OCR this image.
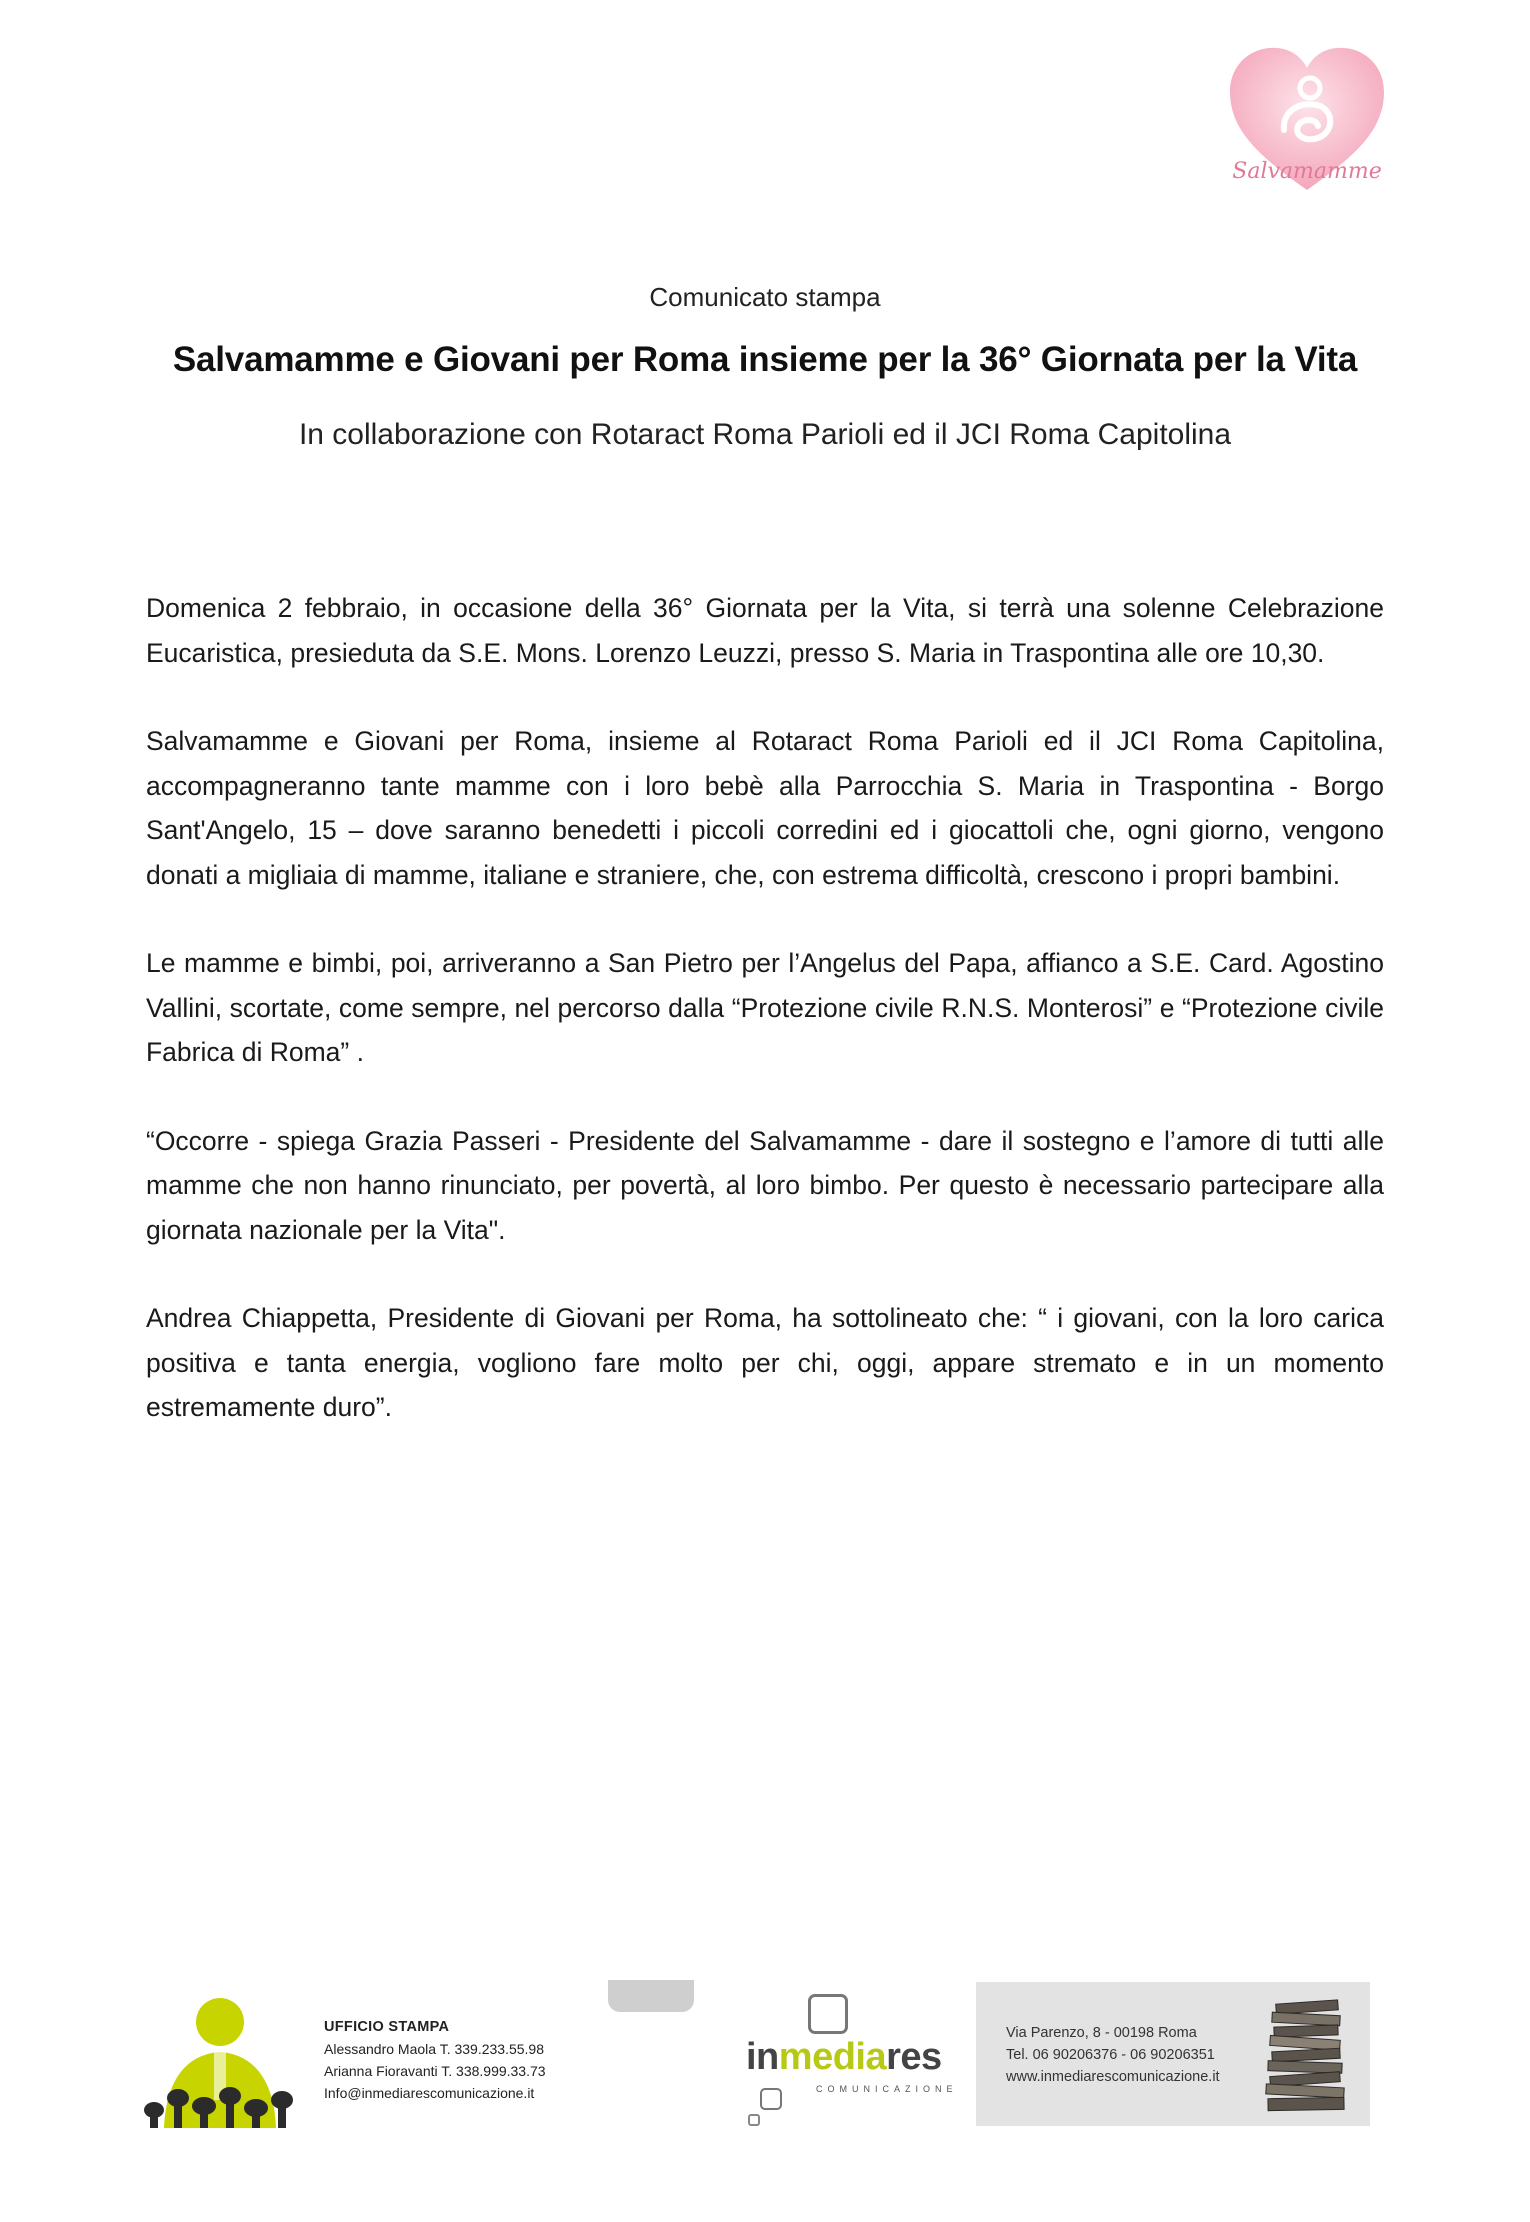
Salvamamme
Comunicato stampa
Salvamamme e Giovani per Roma insieme per la 36° Giornata per la Vita
In collaborazione con Rotaract Roma Parioli ed il JCI Roma Capitolina

Domenica 2 febbraio, in occasione della 36° Giornata per la Vita, si terrà una solenne Celebrazione Eucaristica, presieduta da S.E. Mons. Lorenzo Leuzzi, presso S. Maria in Traspontina alle ore 10,30.

Salvamamme e Giovani per Roma, insieme al Rotaract Roma Parioli ed il JCI Roma Capitolina, accompagneranno tante mamme con i loro bebè alla Parrocchia S. Maria in Traspontina - Borgo Sant'Angelo, 15 – dove saranno benedetti i piccoli corredini ed i giocattoli che, ogni giorno, vengono donati a migliaia di mamme, italiane e straniere, che, con estrema difficoltà, crescono i propri bambini.

Le mamme e bimbi, poi, arriveranno a San Pietro per l’Angelus del Papa, affianco a S.E. Card. Agostino Vallini, scortate, come sempre, nel percorso dalla “Protezione civile R.N.S. Monterosi” e “Protezione civile Fabrica di Roma” .

“Occorre - spiega Grazia Passeri - Presidente del Salvamamme - dare il sostegno e l’amore di tutti alle mamme che non hanno rinunciato, per povertà, al loro bimbo. Per questo è necessario partecipare alla giornata nazionale per la Vita".

Andrea Chiappetta, Presidente di Giovani per Roma, ha sottolineato che: “ i giovani, con la loro carica positiva e tanta energia, vogliono fare molto per chi, oggi, appare stremato e in un momento estremamente duro”.

UFFICIO STAMPA
Alessandro Maola T. 339.233.55.98
Arianna Fioravanti T. 338.999.33.73
Info@inmediarescomunicazione.it
inmediares
COMUNICAZIONE
Via Parenzo, 8 - 00198 Roma
Tel. 06 90206376 - 06 90206351
www.inmediarescomunicazione.it
